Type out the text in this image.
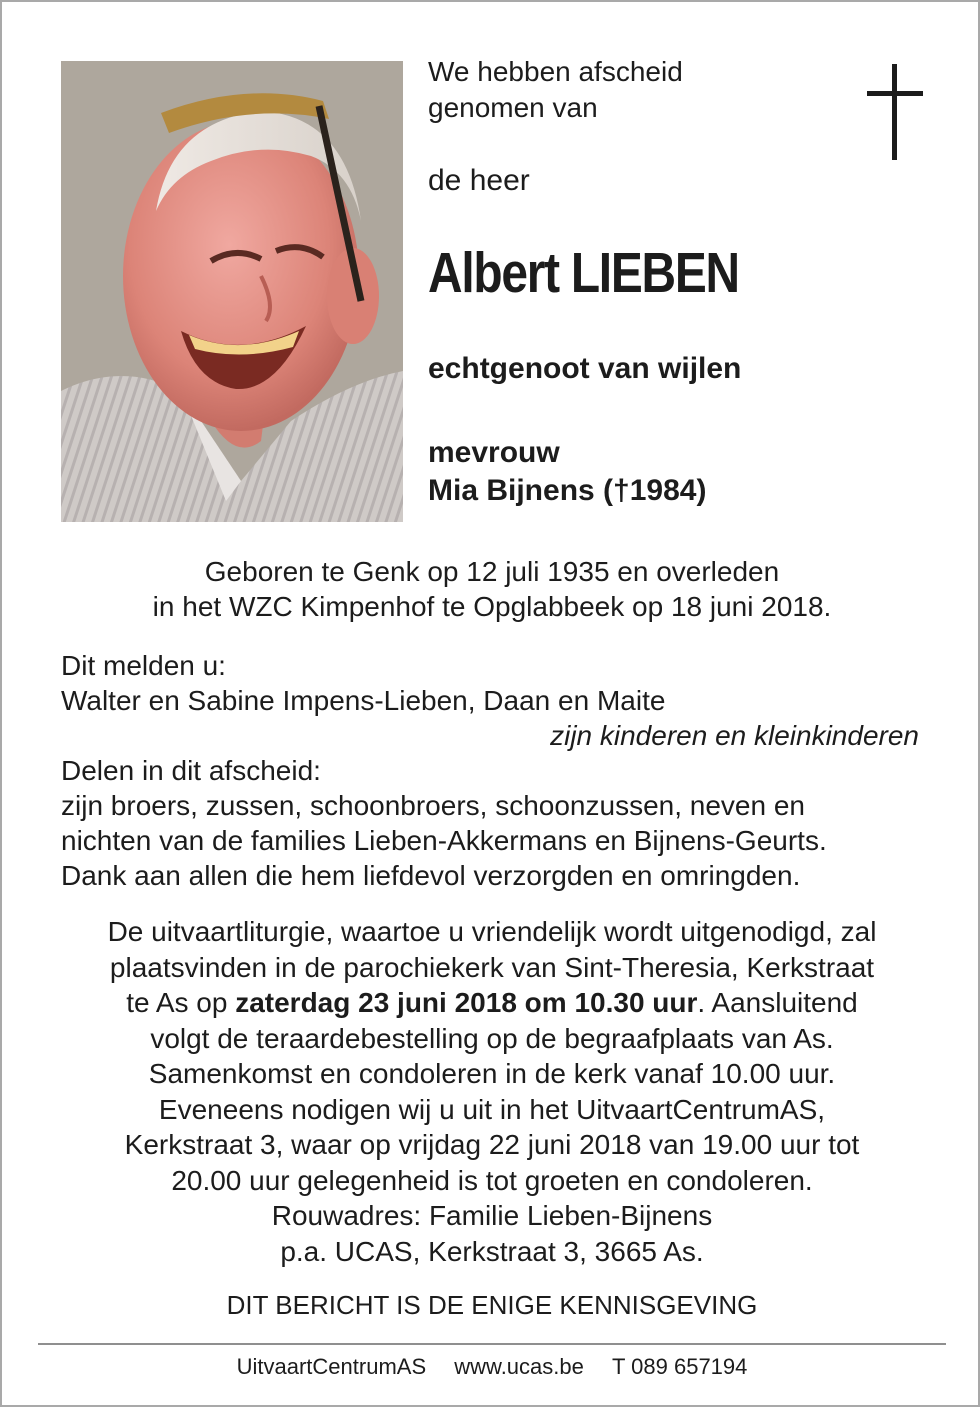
We hebben afscheid
genomen van
de heer
Albert LIEBEN
echtgenoot van wijlen
mevrouw
Mia Bijnens (†1984)
Geboren te Genk op 12 juli 1935 en overleden
in het WZC Kimpenhof te Opglabbeek op 18 juni 2018.

Dit melden u:

Walter en Sabine Impens-Lieben, Daan en Maite

zijn kinderen en kleinkinderen

Delen in dit afscheid:

zijn broers, zussen, schoonbroers, schoonzussen, neven en

nichten van de families Lieben-Akkermans en Bijnens-Geurts.

Dank aan allen die hem liefdevol verzorgden en omringden.

De uitvaartliturgie, waartoe u vriendelijk wordt uitgenodigd, zal

plaatsvinden in de parochiekerk van Sint-Theresia, Kerkstraat

te As op zaterdag 23 juni 2018 om 10.30 uur. Aansluitend

volgt de teraardebestelling op de begraafplaats van As.

Samenkomst en condoleren in de kerk vanaf 10.00 uur.

Eveneens nodigen wij u uit in het UitvaartCentrumAS,

Kerkstraat 3, waar op vrijdag 22 juni 2018 van 19.00 uur tot

20.00 uur gelegenheid is tot groeten en condoleren.

Rouwadres: Familie Lieben-Bijnens

p.a. UCAS, Kerkstraat 3, 3665 As.

DIT BERICHT IS DE ENIGE KENNISGEVING
UitvaartCentrumAS www.ucas.be T 089 657194
